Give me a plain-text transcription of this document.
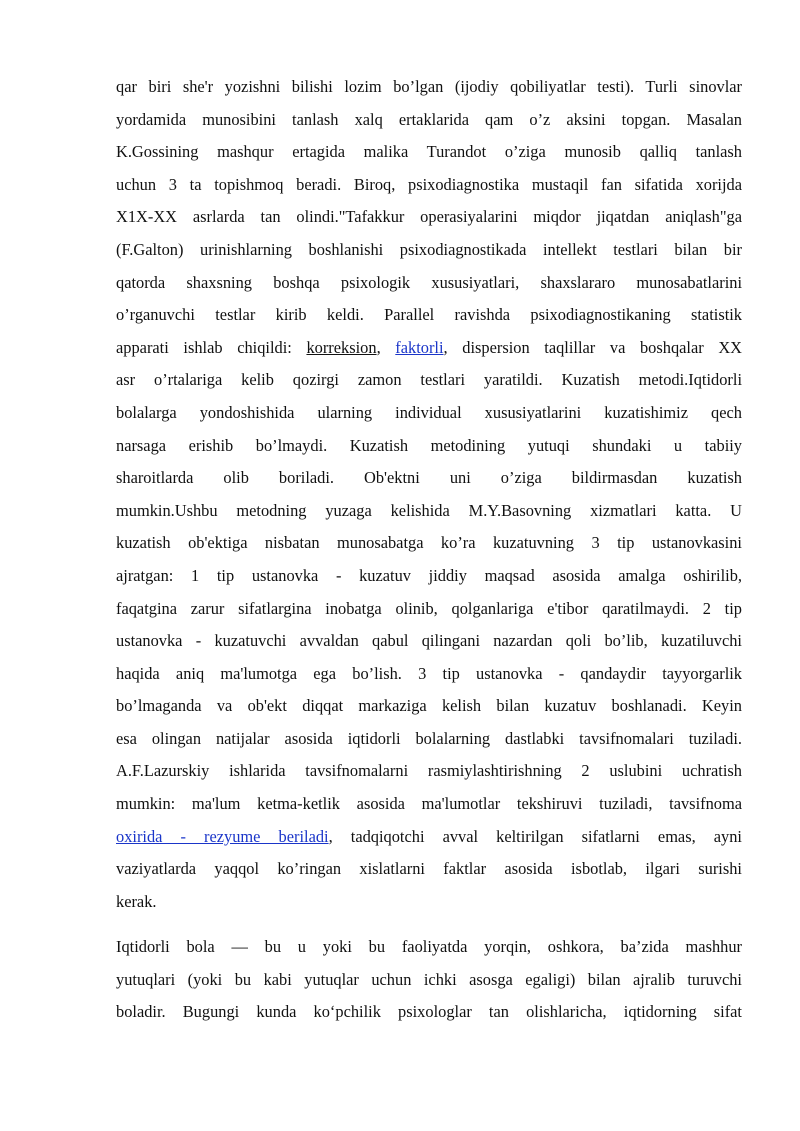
qar biri she'r yozishni bilishi lozim bo’lgan (ijodiy qobiliyatlar testi). Turli sinovlar
yordamida munosibini tanlash xalq ertaklarida qam o’z aksini topgan. Masalan
K.Gossining mashqur ertagida malika Turandot o’ziga munosib qalliq tanlash
uchun 3 ta topishmoq beradi. Biroq, psixodiagnostika mustaqil fan sifatida xorijda
X1X-XX asrlarda tan olindi."Tafakkur operasiyalarini miqdor jiqatdan aniqlash"ga
(F.Galton) urinishlarning boshlanishi psixodiagnostikada intellekt testlari bilan bir
qatorda shaxsning boshqa psixologik xususiyatlari, shaxslararo munosabatlarini
o’rganuvchi testlar kirib keldi. Parallel ravishda psixodiagnostikaning statistik
apparati ishlab chiqildi: korreksion, faktorli, dispersion taqlillar va boshqalar XX
asr o’rtalariga kelib qozirgi zamon testlari yaratildi. Kuzatish metodi.Iqtidorli
bolalarga yondoshishida ularning individual xususiyatlarini kuzatishimiz qech
narsaga erishib bo’lmaydi. Kuzatish metodining yutuqi shundaki u tabiiy
sharoitlarda olib boriladi. Ob'ektni uni o’ziga bildirmasdan kuzatish
mumkin.Ushbu metodning yuzaga kelishida M.Y.Basovning xizmatlari katta. U
kuzatish ob'ektiga nisbatan munosabatga ko’ra kuzatuvning 3 tip ustanovkasini
ajratgan: 1 tip ustanovka - kuzatuv jiddiy maqsad asosida amalga oshirilib,
faqatgina zarur sifatlargina inobatga olinib, qolganlariga e'tibor qaratilmaydi. 2 tip
ustanovka - kuzatuvchi avvaldan qabul qilingani nazardan qoli bo’lib, kuzatiluvchi
haqida aniq ma'lumotga ega bo’lish. 3 tip ustanovka - qandaydir tayyorgarlik
bo’lmaganda va ob'ekt diqqat markaziga kelish bilan kuzatuv boshlanadi. Keyin
esa olingan natijalar asosida iqtidorli bolalarning dastlabki tavsifnomalari tuziladi.
A.F.Lazurskiy ishlarida tavsifnomalarni rasmiylashtirishning 2 uslubini uchratish
mumkin: ma'lum ketma-ketlik asosida ma'lumotlar tekshiruvi tuziladi, tavsifnoma
oxirida - rezyume beriladi, tadqiqotchi avval keltirilgan sifatlarni emas, ayni
vaziyatlarda yaqqol ko’ringan xislatlarni faktlar asosida isbotlab, ilgari surishi
kerak.
Iqtidorli bola — bu u yoki bu faoliyatda yorqin, oshkora, ba’zida mashhur
yutuqlari (yoki bu kabi yutuqlar uchun ichki asosga egaligi) bilan ajralib turuvchi
boladir. Bugungi kunda ko‘pchilik psixologlar tan olishlaricha, iqtidorning sifat
